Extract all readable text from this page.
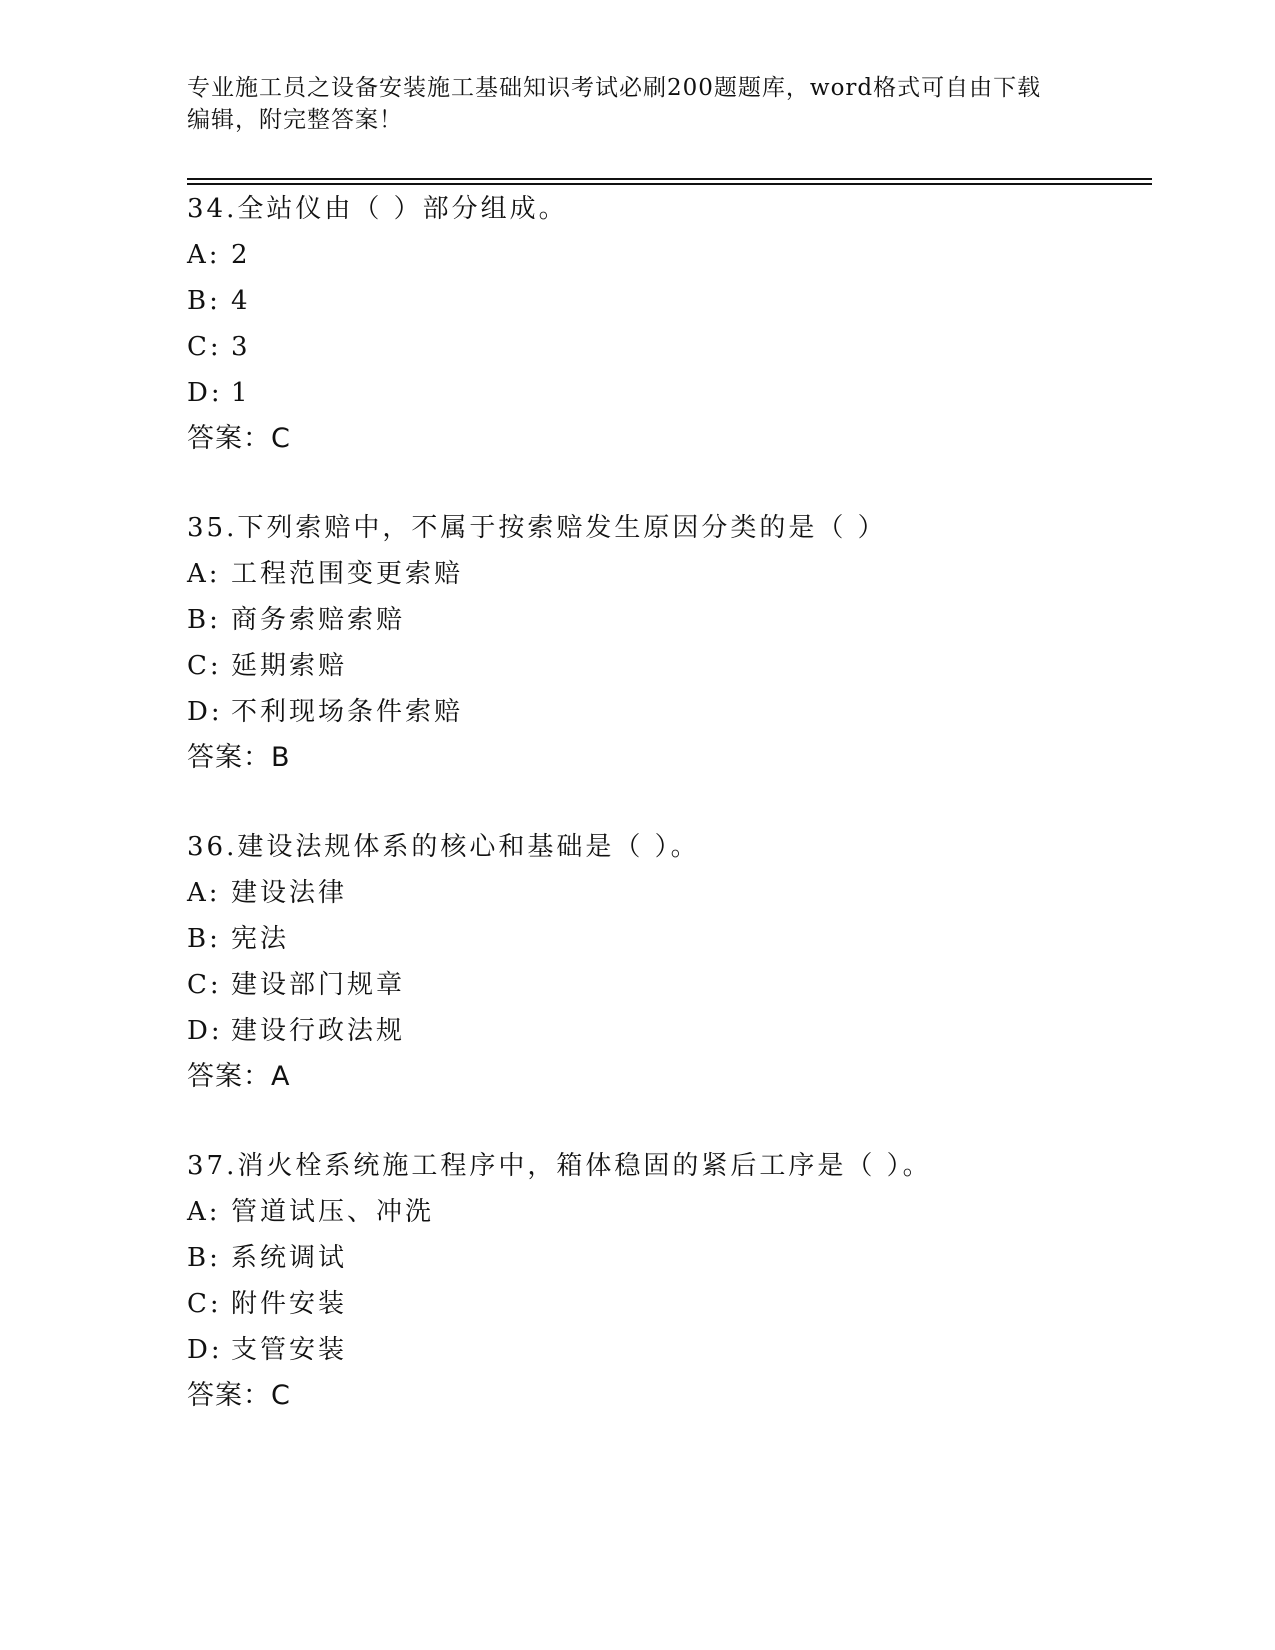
专业施工员之设备安装施工基础知识考试必刷200题题库，word格式可自由下载
编辑，附完整答案！
34.全站仪由（ ）部分组成。
A: 2
B: 4
C: 3
D: 1
答案：C
35.下列索赔中，不属于按索赔发生原因分类的是（ ）
A: 工程范围变更索赔
B: 商务索赔索赔
C: 延期索赔
D: 不利现场条件索赔
答案：B
36.建设法规体系的核心和基础是（ ）。
A: 建设法律
B: 宪法
C: 建设部门规章
D: 建设行政法规
答案：A
37.消火栓系统施工程序中，箱体稳固的紧后工序是（ ）。
A: 管道试压、冲洗
B: 系统调试
C: 附件安装
D: 支管安装
答案：C
